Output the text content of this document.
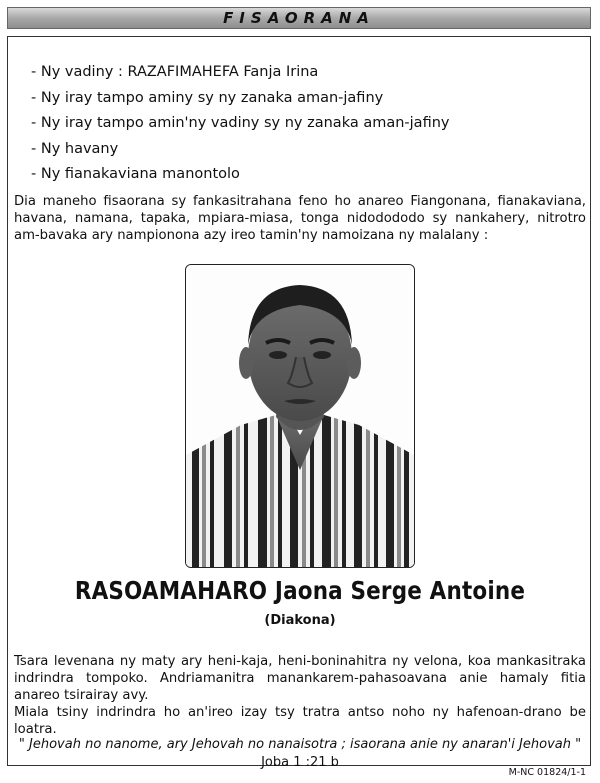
FISAORANA
- Ny vadiny : RAZAFIMAHEFA Fanja Irina
- Ny iray tampo aminy sy ny zanaka aman-jafiny
- Ny iray tampo amin'ny vadiny sy ny zanaka aman-jafiny
- Ny havany
- Ny fianakaviana manontolo
Dia maneho fisaorana sy fankasitrahana feno ho anareo Fiangonana, fianakaviana, havana, namana, tapaka, mpiara-miasa, tonga nidodododo sy nankahery, nitrotro am-bavaka ary nampionona azy ireo tamin'ny namoizana ny malalany :
RASOAMAHARO Jaona Serge Antoine
(Diakona)
Tsara levenana ny maty ary heni-kaja, heni-boninahitra ny velona, koa mankasitraka indrindra tompoko. Andriamanitra manankarem-pahasoavana anie hamaly fitia anareo tsirairay avy.
Miala tsiny indrindra ho an'ireo izay tsy tratra antso noho ny hafenoan-drano be loatra.
" Jehovah no nanome, ary Jehovah no nanaisotra ; isaorana anie ny anaran'i Jehovah "
Joba 1 :21 b
M-NC 01824/1-1
